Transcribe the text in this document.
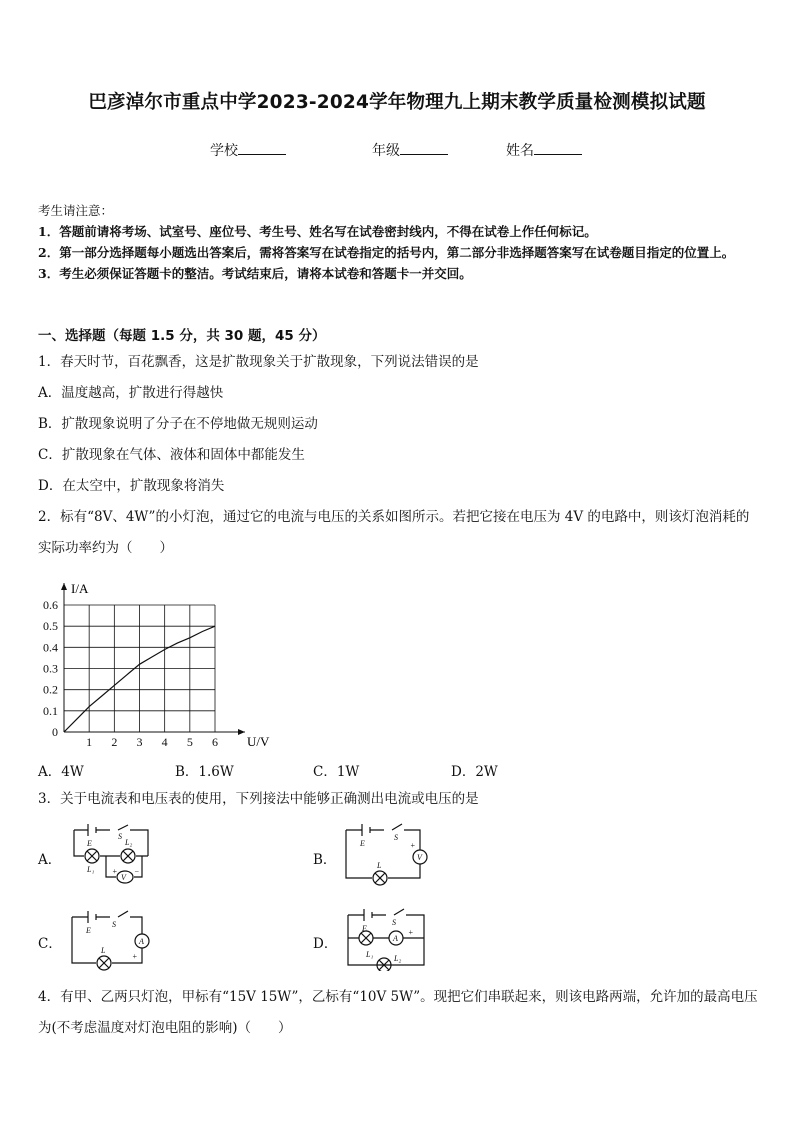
巴彦淖尔市重点中学2023-2024学年物理九上期末教学质量检测模拟试题
学校	年级	姓名

考生请注意：

1．答题前请将考场、试室号、座位号、考生号、姓名写在试卷密封线内，不得在试卷上作任何标记。

2．第一部分选择题每小题选出答案后，需将答案写在试卷指定的括号内，第二部分非选择题答案写在试卷题目指定的位置上。

3．考生必须保证答题卡的整洁。考试结束后，请将本试卷和答题卡一并交回。

一、选择题（每题 1.5 分，共 30 题，45 分）

1．春天时节，百花飘香，这是扩散现象关于扩散现象，下列说法错误的是

A．温度越高，扩散进行得越快

B．扩散现象说明了分子在不停地做无规则运动

C．扩散现象在气体、液体和固体中都能发生

D．在太空中，扩散现象将消失

2．标有“8V、4W”的小灯泡，通过它的电流与电压的关系如图所示。若把它接在电压为 4V 的电路中，则该灯泡消耗的实际功率约为（　　）

1 2 3 4 5 6
0
0.1
0.2
0.3
0.4
0.5
0.6
I/A
U/V
A．4W	B．1.6W	C．1W	D．2W

3．关于电流表和电压表的使用，下列接法中能够正确测出电流或电压的是

A．
E
S
L₂
L₁
V
+ −
B．
E
S
L
V
+
C．
E
S
L
A
+
D．
E
S
A
+
L₁	L₂

4．有甲、乙两只灯泡，甲标有“15V 15W”，乙标有“10V 5W”。现把它们串联起来，则该电路两端，允许加的最高电压为(不考虑温度对灯泡电阻的影响)（　　）
